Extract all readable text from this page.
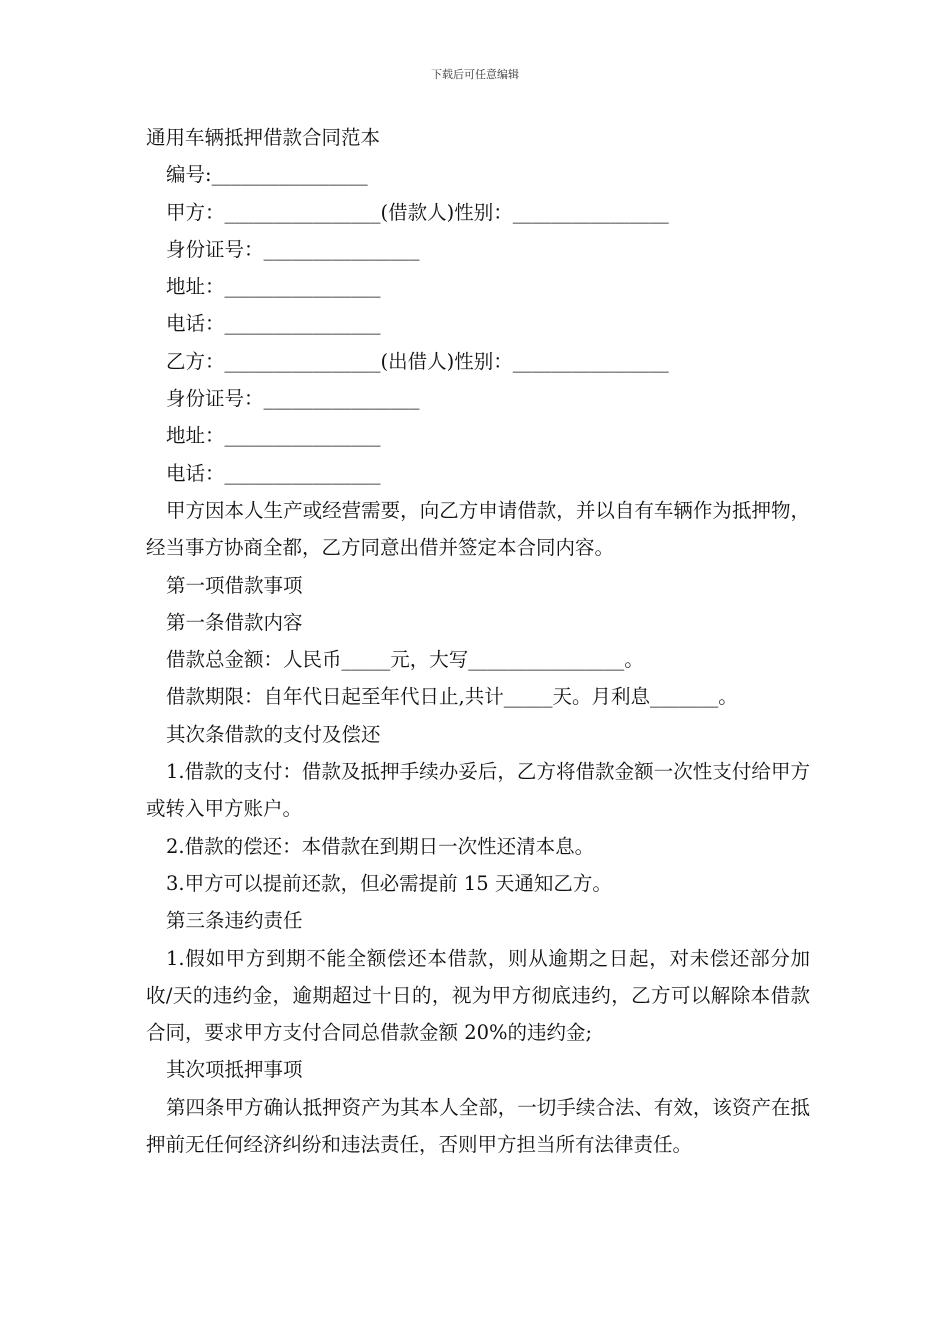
下载后可任意编辑
通用车辆抵押借款合同范本
编号:________________
甲方：________________(借款人)性别：________________
身份证号：________________
地址：________________
电话：________________
乙方：________________(出借人)性别：________________
身份证号：________________
地址：________________
电话：________________
甲方因本人生产或经营需要，向乙方申请借款，并以自有车辆作为抵押物，经当事方协商全都，乙方同意出借并签定本合同内容。
第一项借款事项
第一条借款内容
借款总金额：人民币_____元，大写________________。
借款期限：自年代日起至年代日止,共计_____天。月利息_______。
其次条借款的支付及偿还
1.借款的支付：借款及抵押手续办妥后，乙方将借款金额一次性支付给甲方或转入甲方账户。
2.借款的偿还：本借款在到期日一次性还清本息。
3.甲方可以提前还款，但必需提前 15 天通知乙方。
第三条违约责任
1.假如甲方到期不能全额偿还本借款，则从逾期之日起，对未偿还部分加收/天的违约金，逾期超过十日的，视为甲方彻底违约，乙方可以解除本借款合同，要求甲方支付合同总借款金额 20%的违约金;
其次项抵押事项
第四条甲方确认抵押资产为其本人全部，一切手续合法、有效，该资产在抵押前无任何经济纠纷和违法责任，否则甲方担当所有法律责任。
